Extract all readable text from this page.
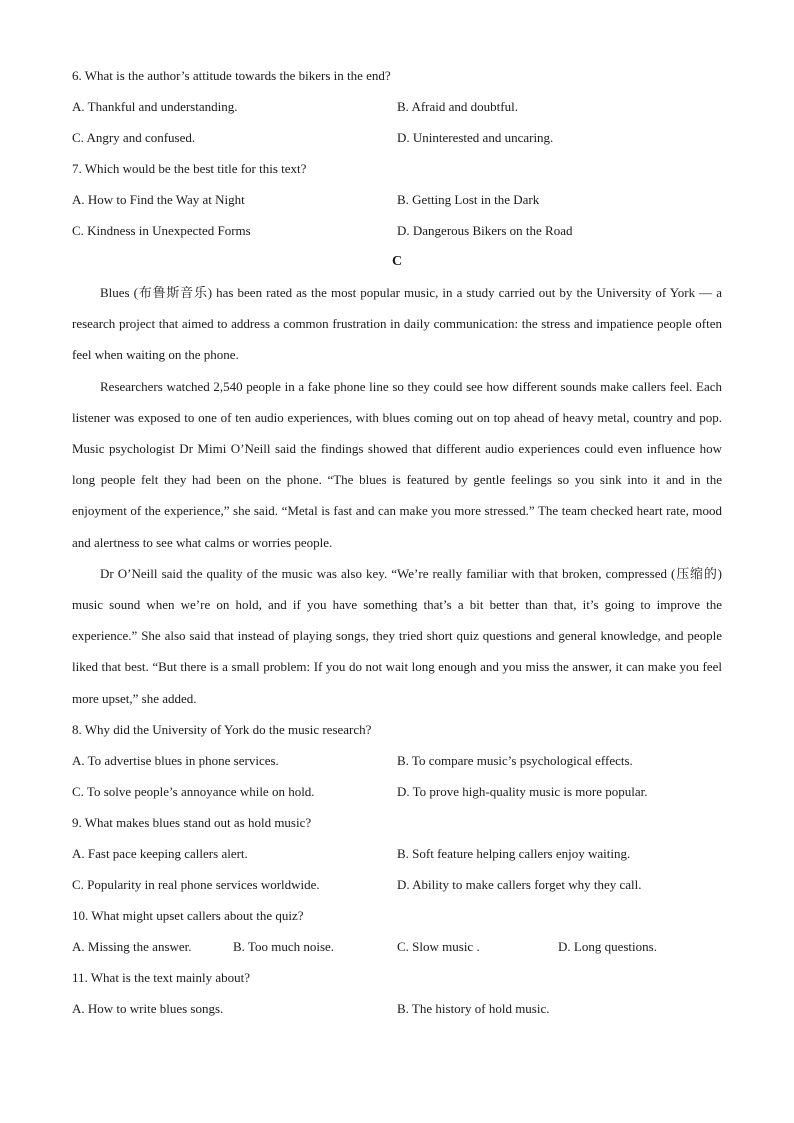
6. What is the author’s attitude towards the bikers in the end?
A. Thankful and understanding.	B. Afraid and doubtful.
C. Angry and confused.	D. Uninterested and uncaring.
7. Which would be the best title for this text?
A. How to Find the Way at Night	B. Getting Lost in the Dark
C. Kindness in Unexpected Forms	D. Dangerous Bikers on the Road
C

Blues (布鲁斯音乐) has been rated as the most popular music, in a study carried out by the University of York — a research project that aimed to address a common frustration in daily communication: the stress and impatience people often feel when waiting on the phone.

Researchers watched 2,540 people in a fake phone line so they could see how different sounds make callers feel. Each listener was exposed to one of ten audio experiences, with blues coming out on top ahead of heavy metal, country and pop. Music psychologist Dr Mimi O’Neill said the findings showed that different audio experiences could even influence how long people felt they had been on the phone. “The blues is featured by gentle feelings so you sink into it and in the enjoyment of the experience,” she said. “Metal is fast and can make you more stressed.” The team checked heart rate, mood and alertness to see what calms or worries people.

Dr O’Neill said the quality of the music was also key. “We’re really familiar with that broken, compressed (压缩的) music sound when we’re on hold, and if you have something that’s a bit better than that, it’s going to improve the experience.” She also said that instead of playing songs, they tried short quiz questions and general knowledge, and people liked that best. “But there is a small problem: If you do not wait long enough and you miss the answer, it can make you feel more upset,” she added.

8. Why did the University of York do the music research?
A. To advertise blues in phone services.	B. To compare music’s psychological effects.
C. To solve people’s annoyance while on hold.	D. To prove high-quality music is more popular.
9. What makes blues stand out as hold music?
A. Fast pace keeping callers alert.	B. Soft feature helping callers enjoy waiting.
C. Popularity in real phone services worldwide.	D. Ability to make callers forget why they call.
10. What might upset callers about the quiz?
A. Missing the answer.	B. Too much noise.	C. Slow music .	D. Long questions.
11. What is the text mainly about?
A. How to write blues songs.	B. The history of hold music.
